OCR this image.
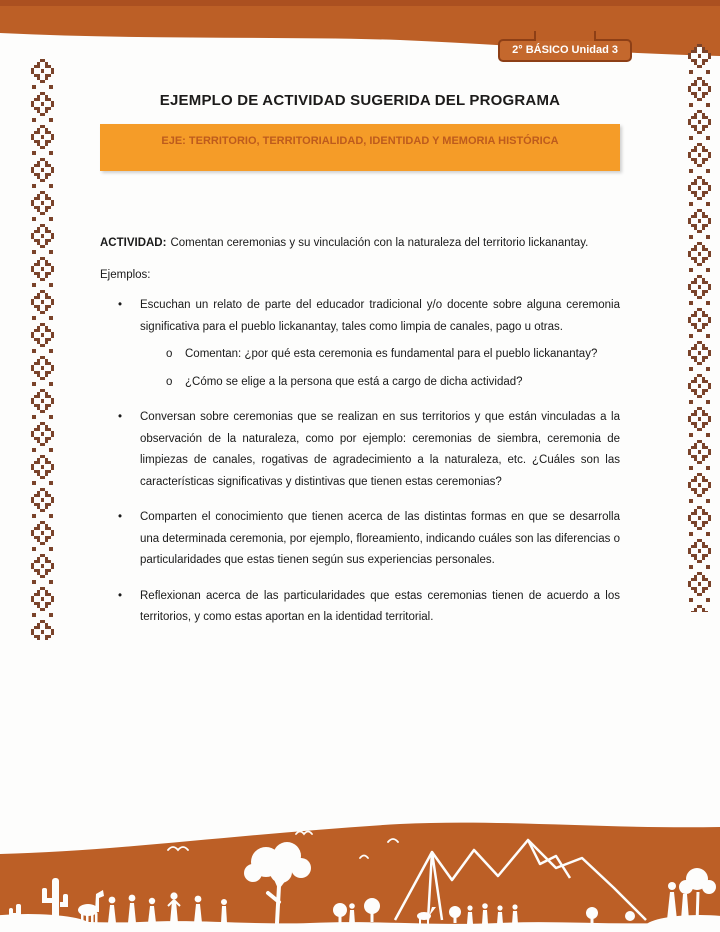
2° BÁSICO Unidad 3
EJEMPLO DE ACTIVIDAD SUGERIDA DEL PROGRAMA
EJE: TERRITORIO, TERRITORIALIDAD, IDENTIDAD Y MEMORIA HISTÓRICA

ACTIVIDAD: Comentan ceremonias y su vinculación con la naturaleza del territorio lickanantay.

Ejemplos:

•	Escuchan un relato de parte del educador tradicional y/o docente sobre alguna ceremonia significativa para el pueblo lickanantay, tales como limpia de canales, pago u otras.
o	Comentan: ¿por qué esta ceremonia es fundamental para el pueblo lickanantay?
o	¿Cómo se elige a la persona que está a cargo de dicha actividad?
•	Conversan sobre ceremonias que se realizan en sus territorios y que están vinculadas a la observación de la naturaleza, como por ejemplo: ceremonias de siembra, ceremonia de limpiezas de canales, rogativas de agradecimiento a la naturaleza, etc. ¿Cuáles son las características significativas y distintivas que tienen estas ceremonias?
•	Comparten el conocimiento que tienen acerca de las distintas formas en que se desarrolla una determinada ceremonia, por ejemplo, floreamiento, indicando cuáles son las diferencias o particularidades que estas tienen según sus experiencias personales.
•	Reflexionan acerca de las particularidades que estas ceremonias tienen de acuerdo a los territorios, y como estas aportan en la identidad territorial.
